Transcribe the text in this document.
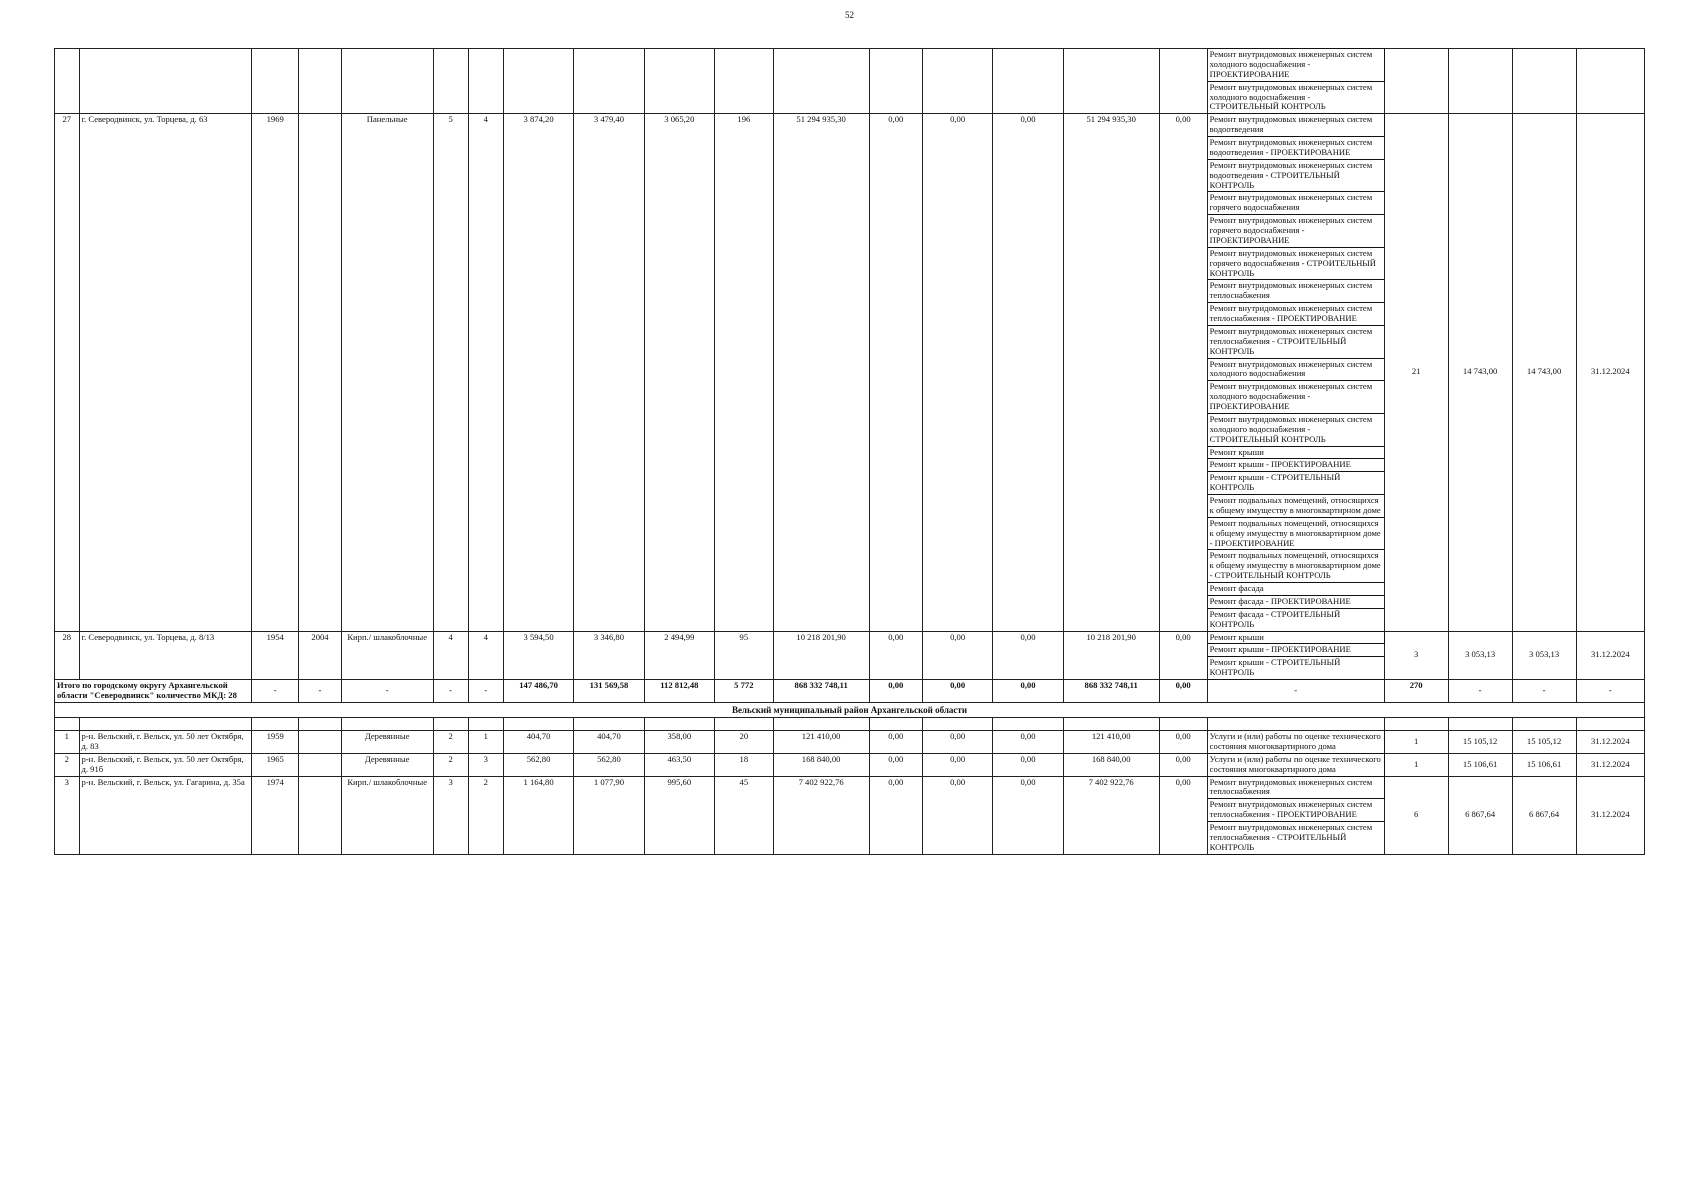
52
																	Ремонт внутридомовых инженерных систем холодного водоснабжения - ПРОЕКТИРОВАНИЕ				
																	Ремонт внутридомовых инженерных систем холодного водоснабжения - СТРОИТЕЛЬНЫЙ КОНТРОЛЬ				
27	г. Северодвинск, ул. Торцева, д. 63	1969		Панельные	5	4	3 874,20	3 479,40	3 065,20	196	51 294 935,30	0,00	0,00	0,00	51 294 935,30	0,00	Ремонт внутридомовых инженерных систем водоотведения	21	14 743,00	14 743,00	31.12.2024
																	Ремонт внутридомовых инженерных систем водоотведения - ПРОЕКТИРОВАНИЕ				
																	Ремонт внутридомовых инженерных систем водоотведения - СТРОИТЕЛЬНЫЙ КОНТРОЛЬ				
																	Ремонт внутридомовых инженерных систем горячего водоснабжения				
																	Ремонт внутридомовых инженерных систем горячего водоснабжения - ПРОЕКТИРОВАНИЕ				
																	Ремонт внутридомовых инженерных систем горячего водоснабжения - СТРОИТЕЛЬНЫЙ КОНТРОЛЬ				
																	Ремонт внутридомовых инженерных систем теплоснабжения				
																	Ремонт внутридомовых инженерных систем теплоснабжения - ПРОЕКТИРОВАНИЕ				
																	Ремонт внутридомовых инженерных систем теплоснабжения - СТРОИТЕЛЬНЫЙ КОНТРОЛЬ				
																	Ремонт внутридомовых инженерных систем холодного водоснабжения				
																	Ремонт внутридомовых инженерных систем холодного водоснабжения - ПРОЕКТИРОВАНИЕ				
																	Ремонт внутридомовых инженерных систем холодного водоснабжения - СТРОИТЕЛЬНЫЙ КОНТРОЛЬ				
																	Ремонт крыши				
																	Ремонт крыши - ПРОЕКТИРОВАНИЕ				
																	Ремонт крыши - СТРОИТЕЛЬНЫЙ КОНТРОЛЬ				
																	Ремонт подвальных помещений, относящихся к общему имуществу в многоквартирном доме				
																	Ремонт подвальных помещений, относящихся к общему имуществу в многоквартирном доме - ПРОЕКТИРОВАНИЕ				
																	Ремонт подвальных помещений, относящихся к общему имуществу в многоквартирном доме - СТРОИТЕЛЬНЫЙ КОНТРОЛЬ				
																	Ремонт фасада				
																	Ремонт фасада - ПРОЕКТИРОВАНИЕ				
																	Ремонт фасада - СТРОИТЕЛЬНЫЙ КОНТРОЛЬ				
28	г. Северодвинск, ул. Торцева, д. 8/13	1954	2004	Кирп./ шлакоблочные	4	4	3 594,50	3 346,80	2 494,99	95	10 218 201,90	0,00	0,00	0,00	10 218 201,90	0,00	Ремонт крыши	3	3 053,13	3 053,13	31.12.2024
																	Ремонт крыши - ПРОЕКТИРОВАНИЕ				
																	Ремонт крыши - СТРОИТЕЛЬНЫЙ КОНТРОЛЬ				
Итого по городскому округу Архангельской области "Северодвинск" количество МКД: 28		-	-	-	-	-	147 486,70	131 569,58	112 812,48	5 772	868 332 748,11	0,00	0,00	0,00	868 332 748,11	0,00	-	270	-	-	-
Вельский муниципальный район Архангельской области																					

1	р-н. Вельский, г. Вельск, ул. 50 лет Октября, д. 83	1959		Деревянные	2	1	404,70	404,70	358,00	20	121 410,00	0,00	0,00	0,00	121 410,00	0,00	Услуги и (или) работы по оценке технического состояния многоквартирного дома	1	15 105,12	15 105,12	31.12.2024
2	р-н. Вельский, г. Вельск, ул. 50 лет Октября, д. 91б	1965		Деревянные	2	3	562,80	562,80	463,50	18	168 840,00	0,00	0,00	0,00	168 840,00	0,00	Услуги и (или) работы по оценке технического состояния многоквартирного дома	1	15 106,61	15 106,61	31.12.2024
3	р-н. Вельский, г. Вельск, ул. Гагарина, д. 35а	1974		Кирп./ шлакоблочные	3	2	1 164,80	1 077,90	995,60	45	7 402 922,76	0,00	0,00	0,00	7 402 922,76	0,00	Ремонт внутридомовых инженерных систем теплоснабжения	6	6 867,64	6 867,64	31.12.2024
																	Ремонт внутридомовых инженерных систем теплоснабжения - ПРОЕКТИРОВАНИЕ				
																	Ремонт внутридомовых инженерных систем теплоснабжения - СТРОИТЕЛЬНЫЙ КОНТРОЛЬ				
